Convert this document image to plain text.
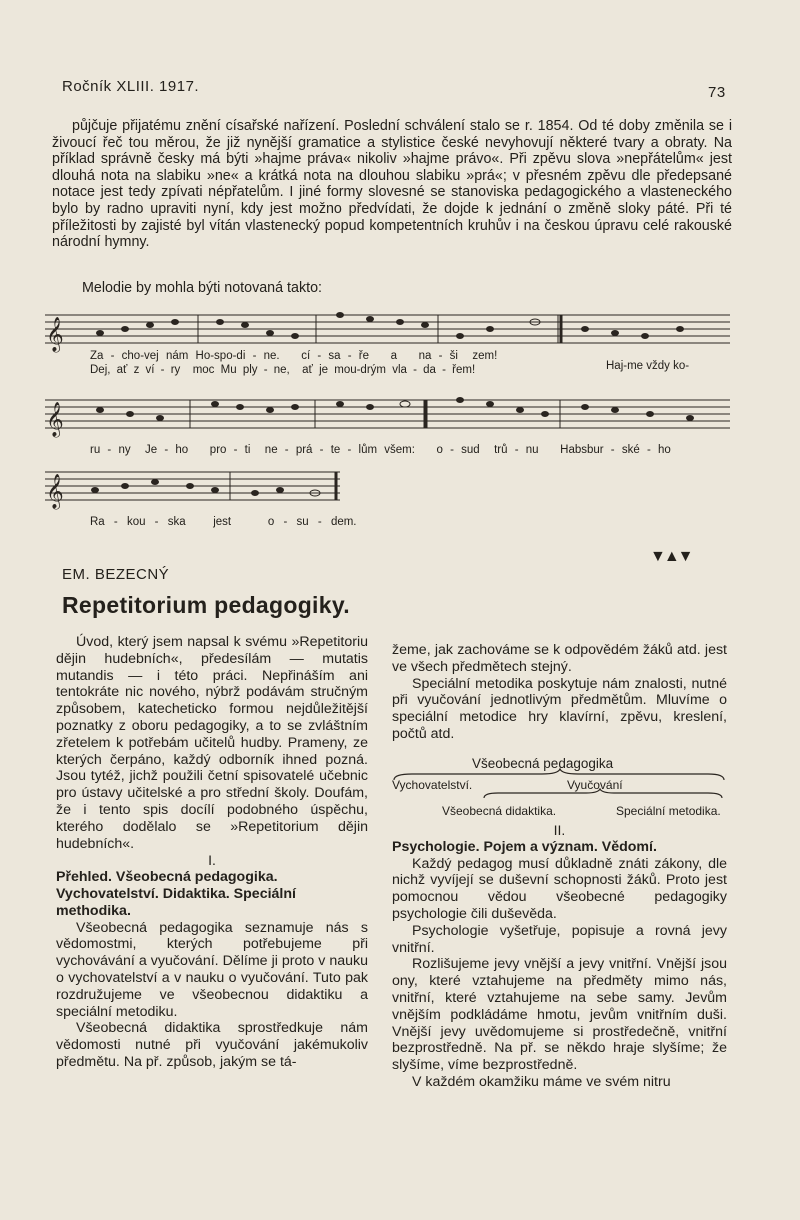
Ročník XLIII. 1917.	73

půjčuje přijatému znění císařské nařízení. Poslední schválení stalo se r. 1854. Od té doby změnila se i živoucí řeč tou měrou, že již nynější gramatice a stylistice české nevyhovují některé tvary a obraty. Na příklad správně česky má býti »hajme práva« nikoliv »hajme právo«. Při zpěvu slova »nepřátelům« jest dlouhá nota na slabiku »ne« a krátká nota na dlouhou slabiku »prá«; v přesném zpěvu dle předepsané notace jest tedy zpívati népřatelům. I jiné formy slovesné se stanoviska pedagogického a vlasteneckého bylo by radno upraviti nyní, kdy jest možno předvídati, že dojde k jednání o změně sloky páté. Při té příležitosti by zajisté byl vítán vlastenecký popud kompetentních kruhův i na českou úpravu celé rakouské národní hymny.

Melodie by mohla býti notovaná takto:
𝄞
𝄞
𝄞
Za - cho-vej nám Ho-spo-di - ne. cí - sa - ře a na - ši zem!
Dej, ať z ví - ry moc Mu ply - ne, ať je mou-drým vla - da - řem!	Haj-me vždy ko-
ru - ny Je - ho pro - ti ne - prá - te - lům všem: o - sud trů - nu Habsbur - ské - ho
Ra - kou - ska jest	o - su - dem.
▼▲▼
EM. BEZECNÝ
Repetitorium pedagogiky.

Úvod, který jsem napsal k svému »Repetitoriu dějin hudebních«, předesílám — mutatis mutandis — i této práci. Nepřináším ani tentokráte nic nového, nýbrž podávám stručným způsobem, katecheticko formou nejdůležitější poznatky z oboru pedagogiky, a to se zvláštním zřetelem k potřebám učitelů hudby. Prameny, ze kterých čerpáno, každý odborník ihned pozná. Jsou tytéž, jichž použili četní spisovatelé učebnic pro ústavy učitelské a pro střední školy. Doufám, že i tento spis docílí podobného úspěchu, kterého dodělalo se »Repetitorium dějin hudebních«.

I.

Přehled. Všeobecná pedagogika. Vychovatelství. Didaktika. Speciální methodika.

Všeobecná pedagogika seznamuje nás s vědomostmi, kterých potřebujeme při vychovávání a vyučování. Dělíme ji proto v nauku o vychovatelství a v nauku o vyučování. Tuto pak rozdružujeme ve všeobecnou didaktiku a speciální metodiku.

Všeobecná didaktika sprostředkuje nám vědomosti nutné při vyučování jakémukoliv předmětu. Na př. způsob, jakým se tá-

žeme, jak zachováme se k odpovědém žáků atd. jest ve všech předmětech stejný.

Speciální metodika poskytuje nám znalosti, nutné při vyučování jednotlivým předmětům. Mluvíme o speciální metodice hry klavírní, zpěvu, kreslení, počtů atd.

Všeobecná pedagogika
Vychovatelství.	Vyučování
Všeobecná didaktika.	Speciální metodika.

II.

Psychologie. Pojem a význam. Vědomí.

Každý pedagog musí důkladně znáti zákony, dle nichž vyvíjejí se duševní schopnosti žáků. Proto jest pomocnou vědou všeobecné pedagogiky psychologie čili duševěda.

Psychologie vyšetřuje, popisuje a rovná jevy vnitřní.

Rozlišujeme jevy vnější a jevy vnitřní. Vnější jsou ony, které vztahujeme na předměty mimo nás, vnitřní, které vztahujeme na sebe samy. Jevům vnějším podkládáme hmotu, jevům vnitřním duši. Vnější jevy uvědomujeme si prostředečně, vnitřní bezprostředně. Na př. se někdo hraje slyšíme; že slyšíme, víme bezprostředně.

V každém okamžiku máme ve svém nitru
